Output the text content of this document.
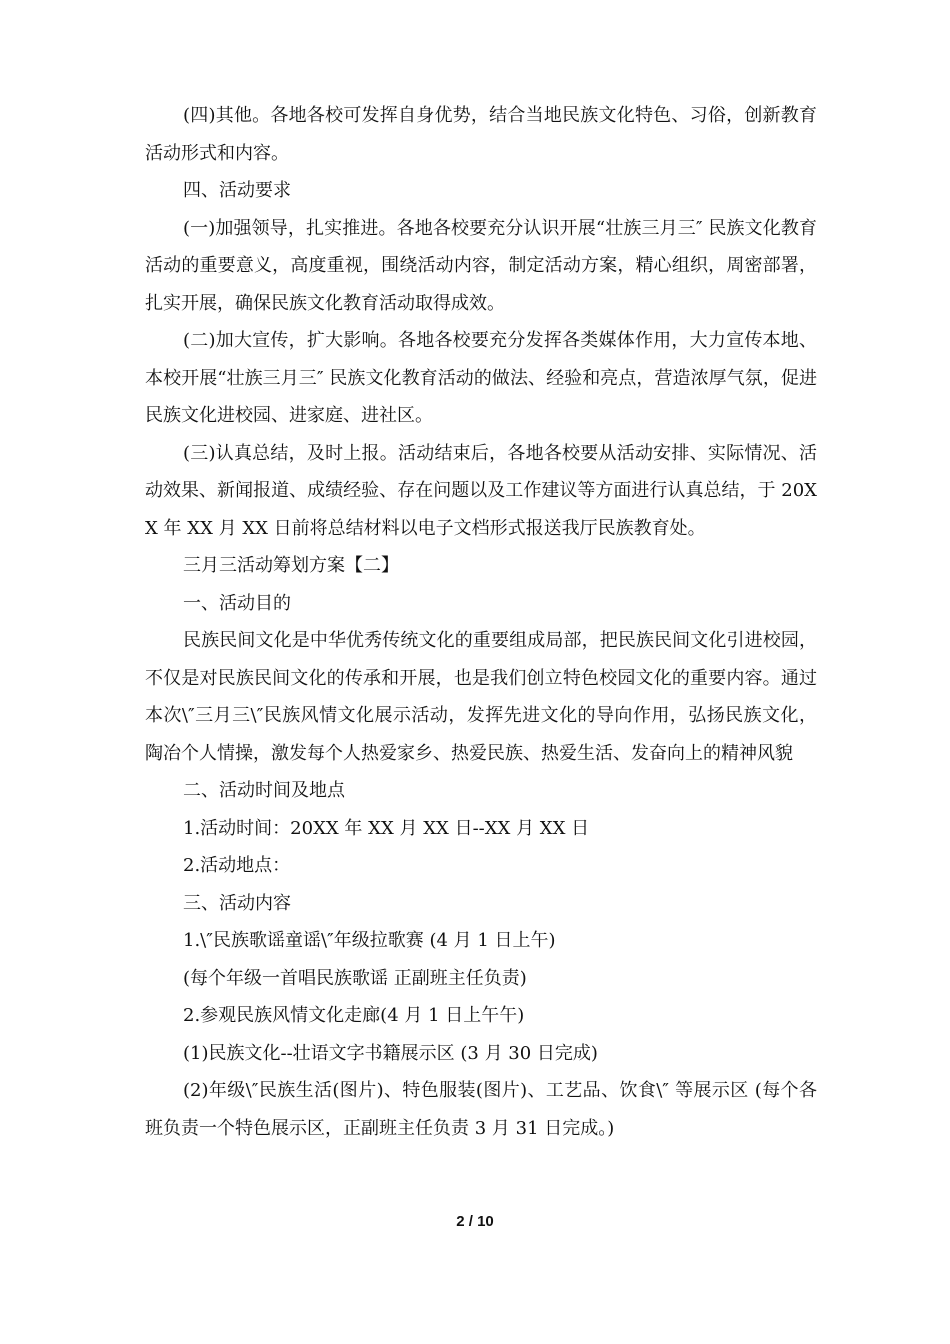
(四)其他。各地各校可发挥自身优势，结合当地民族文化特色、习俗，创新教育活动形式和内容。

四、活动要求

(一)加强领导，扎实推进。各地各校要充分认识开展“壮族三月三″ 民族文化教育活动的重要意义，高度重视，围绕活动内容，制定活动方案，精心组织，周密部署，扎实开展，确保民族文化教育活动取得成效。

(二)加大宣传，扩大影响。各地各校要充分发挥各类媒体作用，大力宣传本地、本校开展“壮族三月三″ 民族文化教育活动的做法、经验和亮点，营造浓厚气氛，促进民族文化进校园、进家庭、进社区。

(三)认真总结，及时上报。活动结束后，各地各校要从活动安排、实际情况、活动效果、新闻报道、成绩经验、存在问题以及工作建议等方面进行认真总结，于 20XX 年 XX 月 XX 日前将总结材料以电子文档形式报送我厅民族教育处。

三月三活动筹划方案【二】

一、活动目的

民族民间文化是中华优秀传统文化的重要组成局部，把民族民间文化引进校园，不仅是对民族民间文化的传承和开展，也是我们创立特色校园文化的重要内容。通过本次\″三月三\″民族风情文化展示活动，发挥先进文化的导向作用，弘扬民族文化，陶冶个人情操，激发每个人热爱家乡、热爱民族、热爱生活、发奋向上的精神风貌

二、活动时间及地点

1.活动时间：20XX 年 XX 月 XX 日--XX 月 XX 日

2.活动地点：

三、活动内容

1.\″民族歌谣童谣\″年级拉歌赛 (4 月 1 日上午)

(每个年级一首唱民族歌谣 正副班主任负责)

2.参观民族风情文化走廊(4 月 1 日上午午)

(1)民族文化--壮语文字书籍展示区 (3 月 30 日完成)

(2)年级\″民族生活(图片)、特色服装(图片)、工艺品、饮食\″ 等展示区 (每个各班负责一个特色展示区，正副班主任负责 3 月 31 日完成。)

2 / 10
